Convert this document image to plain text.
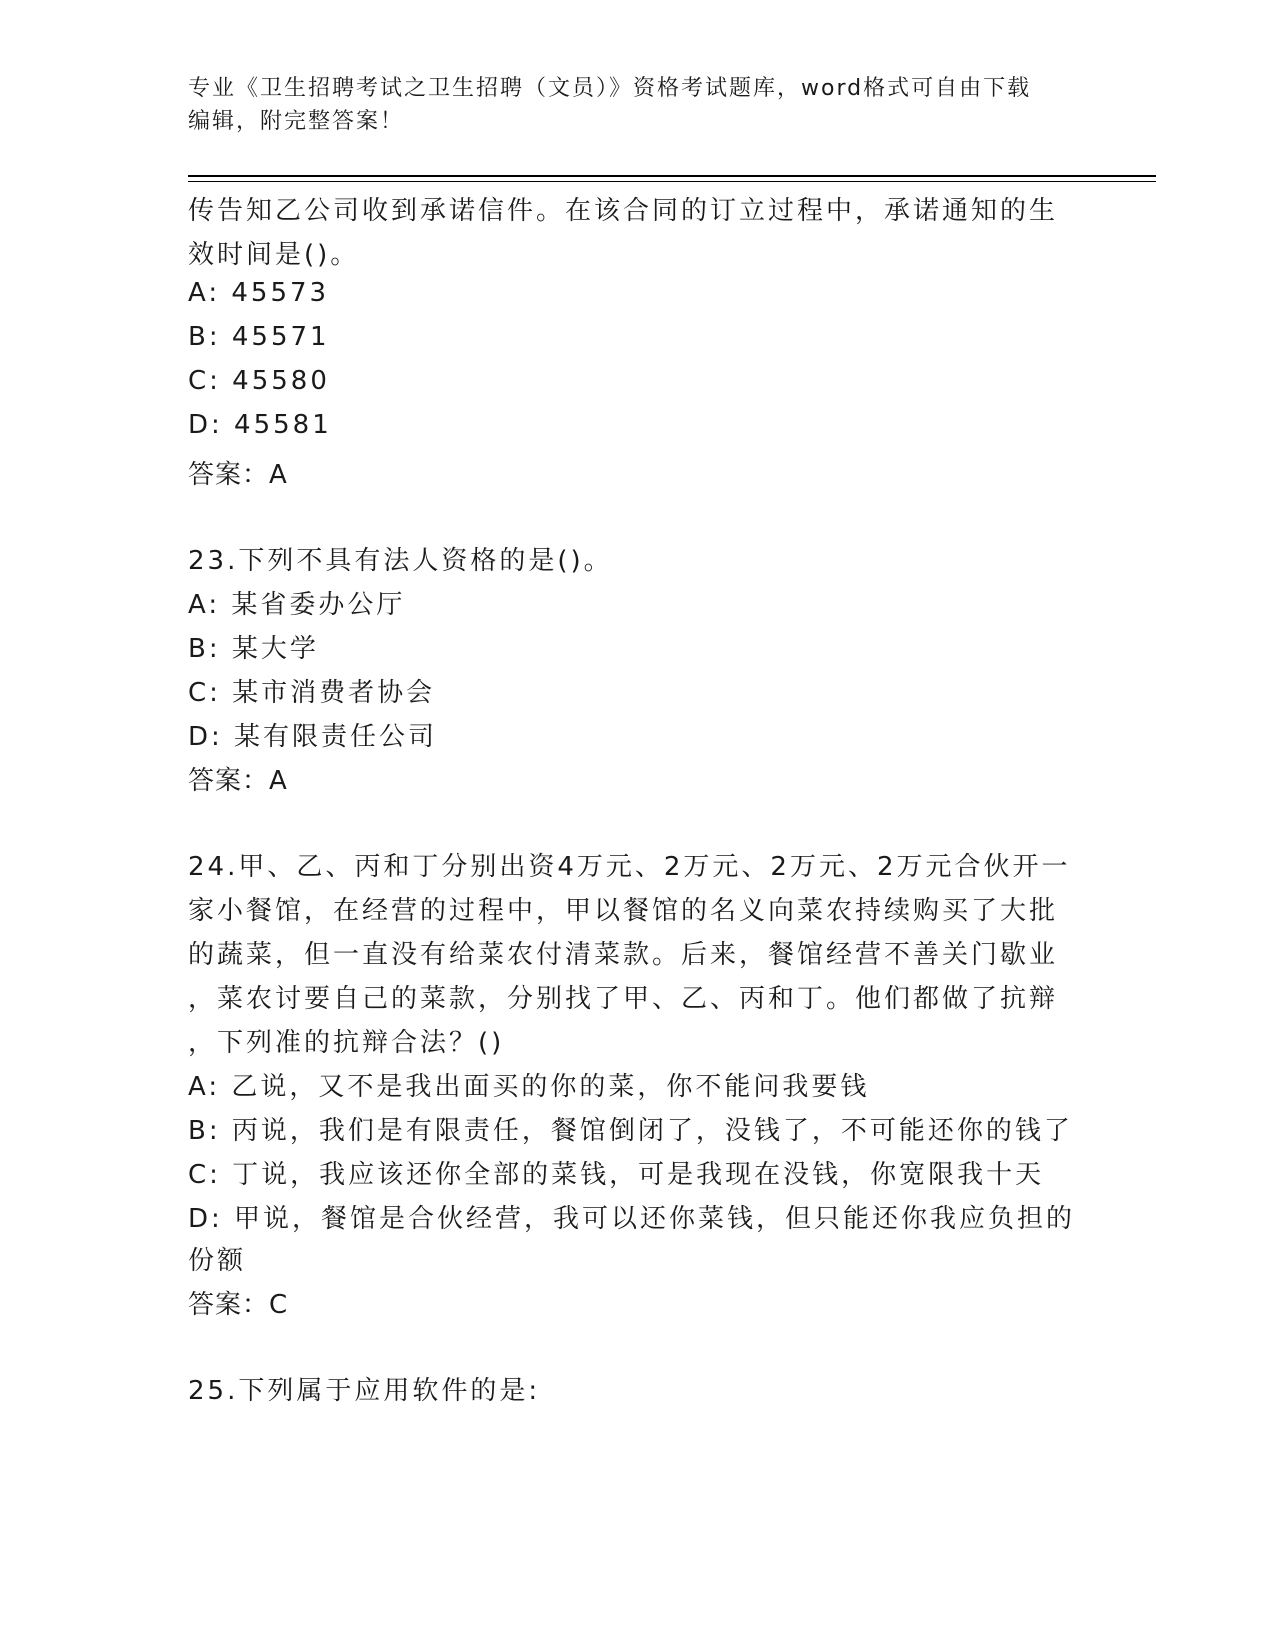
专业《卫生招聘考试之卫生招聘（文员）》资格考试题库，word格式可自由下载
编辑，附完整答案！
传告知乙公司收到承诺信件。在该合同的订立过程中，承诺通知的生
效时间是()。
A: 45573
B: 45571
C: 45580
D: 45581
答案：A
23.下列不具有法人资格的是()。
A: 某省委办公厅
B: 某大学
C: 某市消费者协会
D: 某有限责任公司
答案：A
24.甲、乙、丙和丁分别出资4万元、2万元、2万元、2万元合伙开一
家小餐馆，在经营的过程中，甲以餐馆的名义向菜农持续购买了大批
的蔬菜，但一直没有给菜农付清菜款。后来，餐馆经营不善关门歇业
，菜农讨要自己的菜款，分别找了甲、乙、丙和丁。他们都做了抗辩
，下列准的抗辩合法？()
A: 乙说，又不是我出面买的你的菜，你不能问我要钱
B: 丙说，我们是有限责任，餐馆倒闭了，没钱了，不可能还你的钱了
C: 丁说，我应该还你全部的菜钱，可是我现在没钱，你宽限我十天
D: 甲说，餐馆是合伙经营，我可以还你菜钱，但只能还你我应负担的
份额
答案：C
25.下列属于应用软件的是:
